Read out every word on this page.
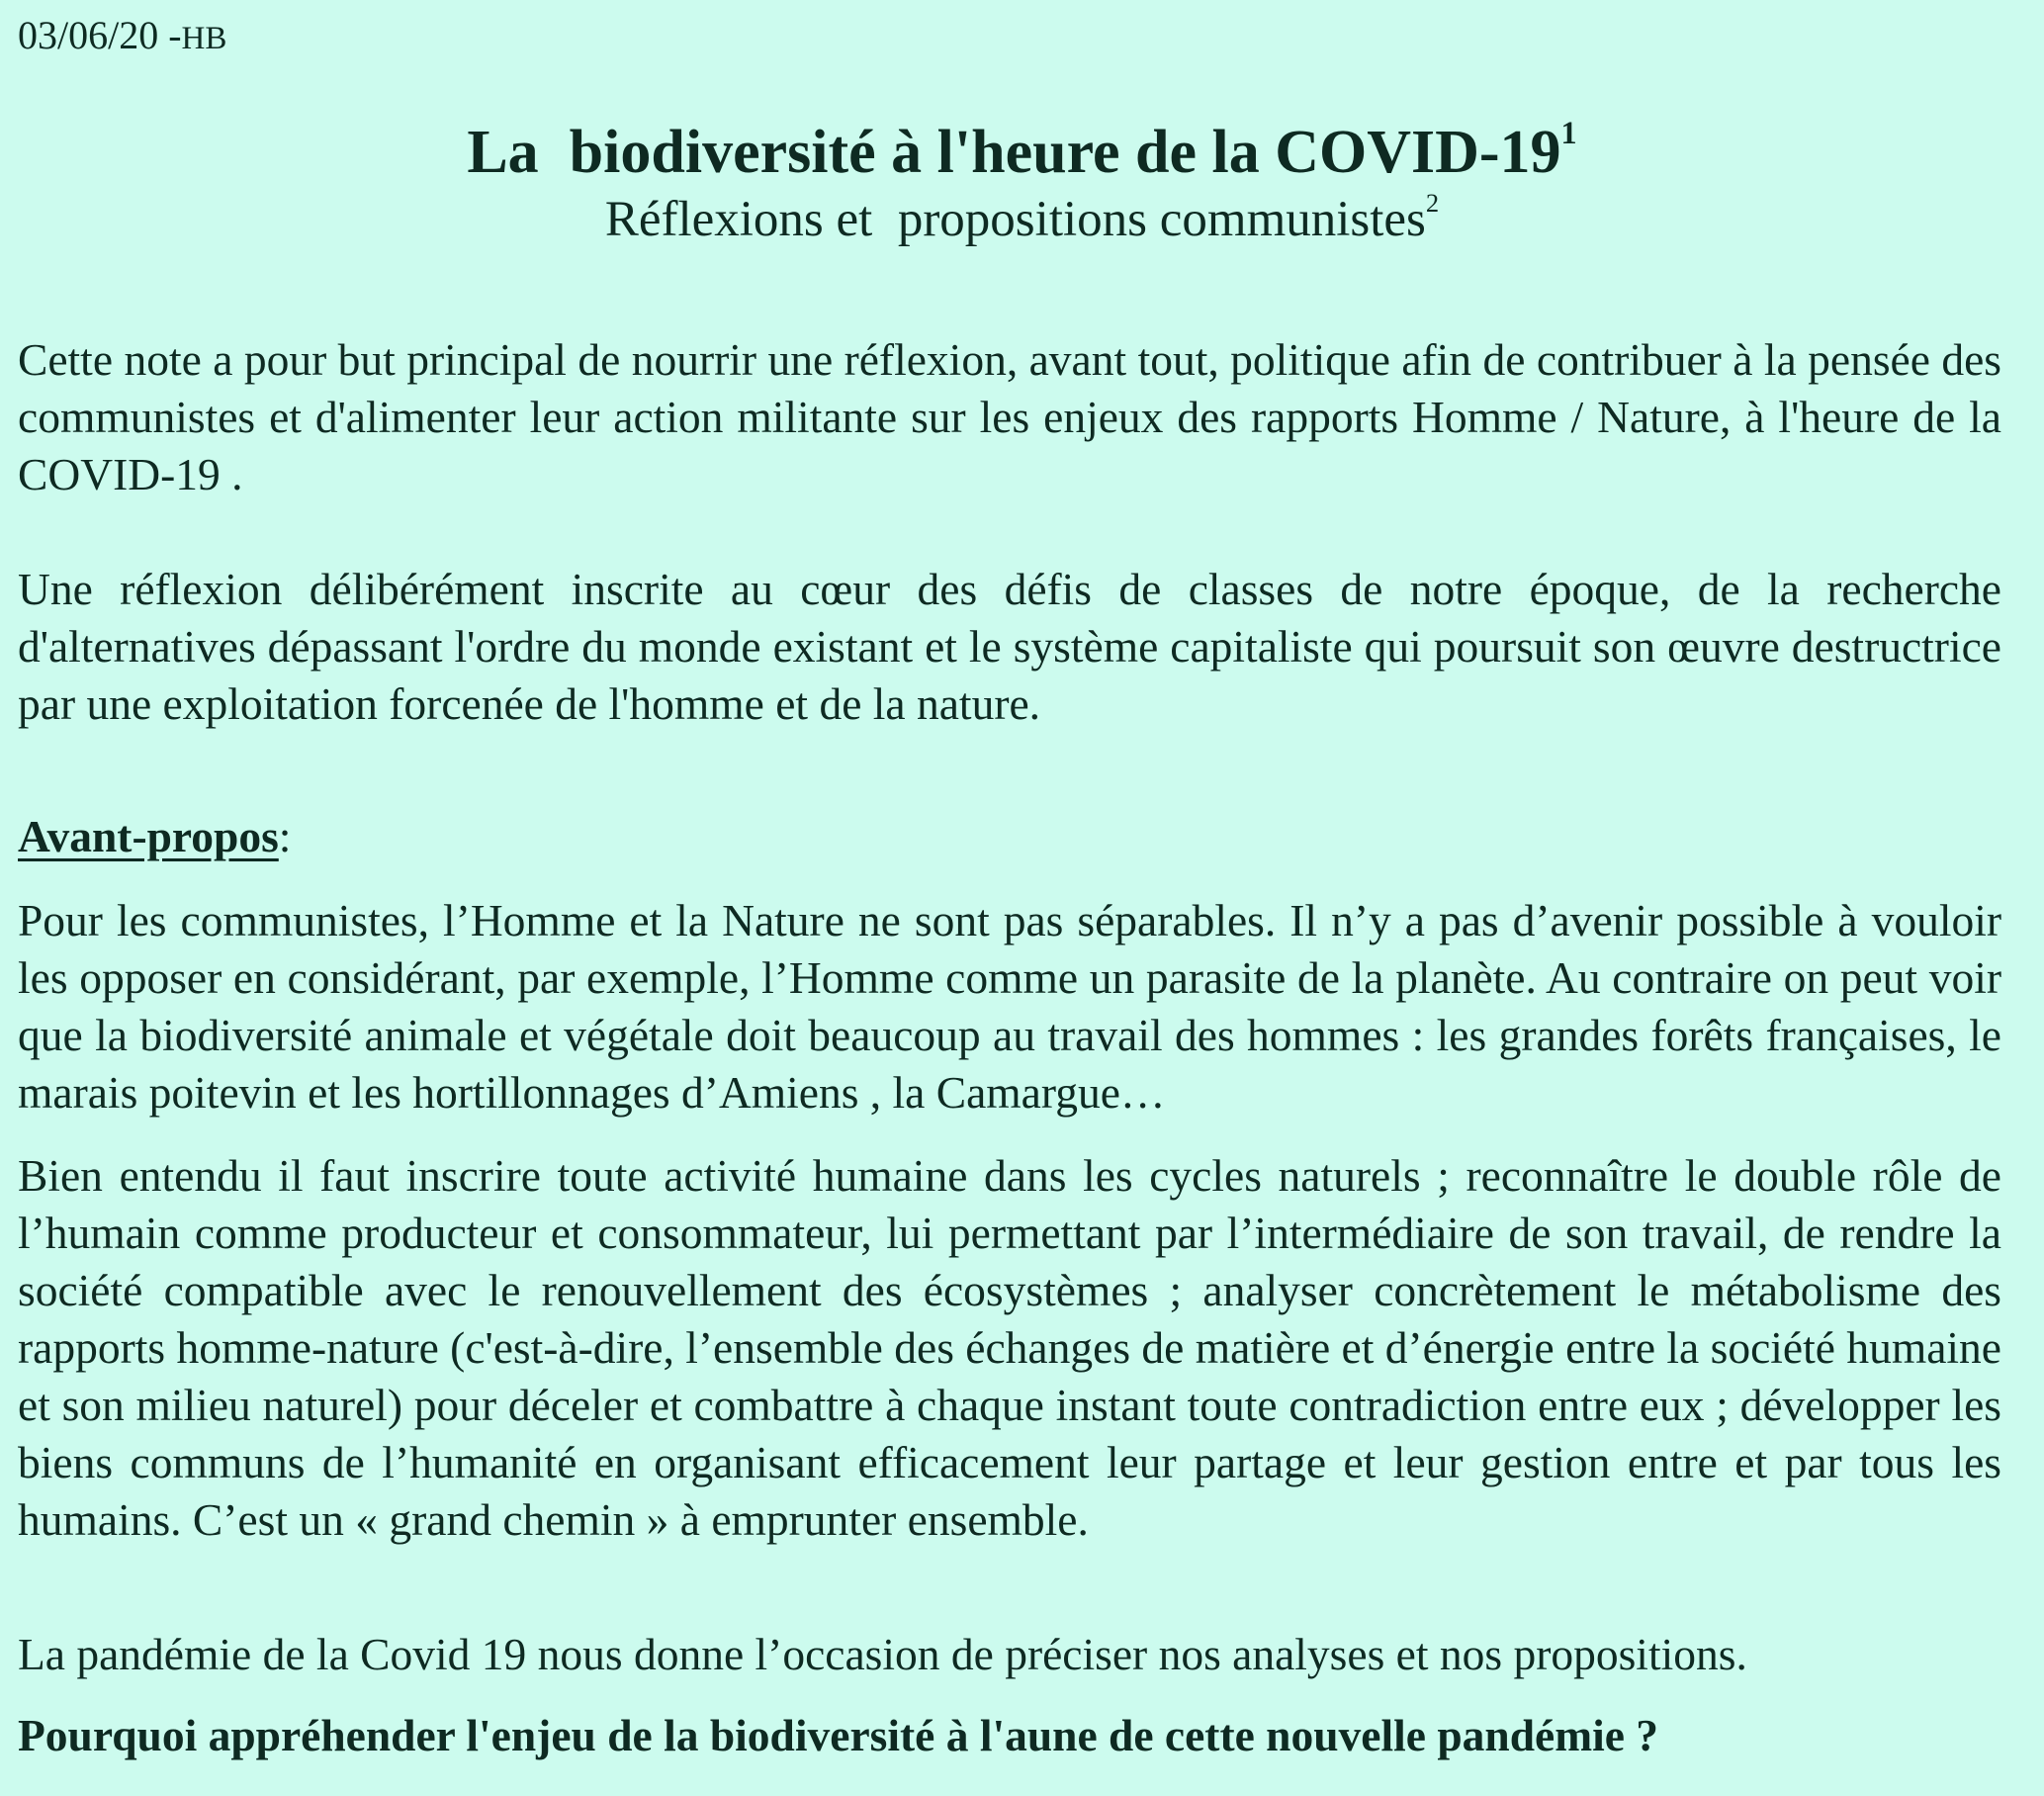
03/06/20 -HB
La  biodiversité à l'heure de la COVID-19$^1$
Réflexions et  propositions communistes$^2$

Cette note a pour but principal de nourrir une réflexion, avant tout, politique afin de contribuer à la pensée des communistes et d'alimenter leur action militante sur les enjeux des rapports Homme / Nature, à l'heure de la COVID-19 .

Une réflexion délibérément inscrite au cœur des défis de classes de notre époque, de la recherche d'alternatives dépassant l'ordre du monde existant et le système capitaliste qui poursuit son œuvre destructrice par une exploitation forcenée de l'homme et de la nature.

Avant-propos:

Pour les communistes, l’Homme et la Nature ne sont pas séparables. Il n’y a pas d’avenir possible à vouloir les opposer en considérant, par exemple, l’Homme comme un parasite de la planète. Au contraire on peut voir que la biodiversité animale et végétale doit beaucoup au travail des hommes : les grandes forêts françaises, le marais poitevin et les hortillonnages d’Amiens , la Camargue…

Bien entendu il faut inscrire toute activité humaine dans les cycles naturels ; reconnaître le double rôle de l’humain comme producteur et consommateur, lui permettant par l’intermédiaire de son travail, de rendre la société compatible avec le renouvellement des écosystèmes ; analyser concrètement le métabolisme des rapports homme-nature (c'est-à-dire, l’ensemble des échanges de matière et d’énergie entre la société humaine et son milieu naturel) pour déceler et combattre à chaque instant toute contradiction entre eux ; développer les biens communs de l’humanité en organisant efficacement leur partage et leur gestion entre et par tous les humains. C’est un « grand chemin » à emprunter ensemble.

La pandémie de la Covid 19 nous donne l’occasion de préciser nos analyses et nos propositions.

Pourquoi appréhender l'enjeu de la biodiversité à l'aune de cette nouvelle pandémie ?
